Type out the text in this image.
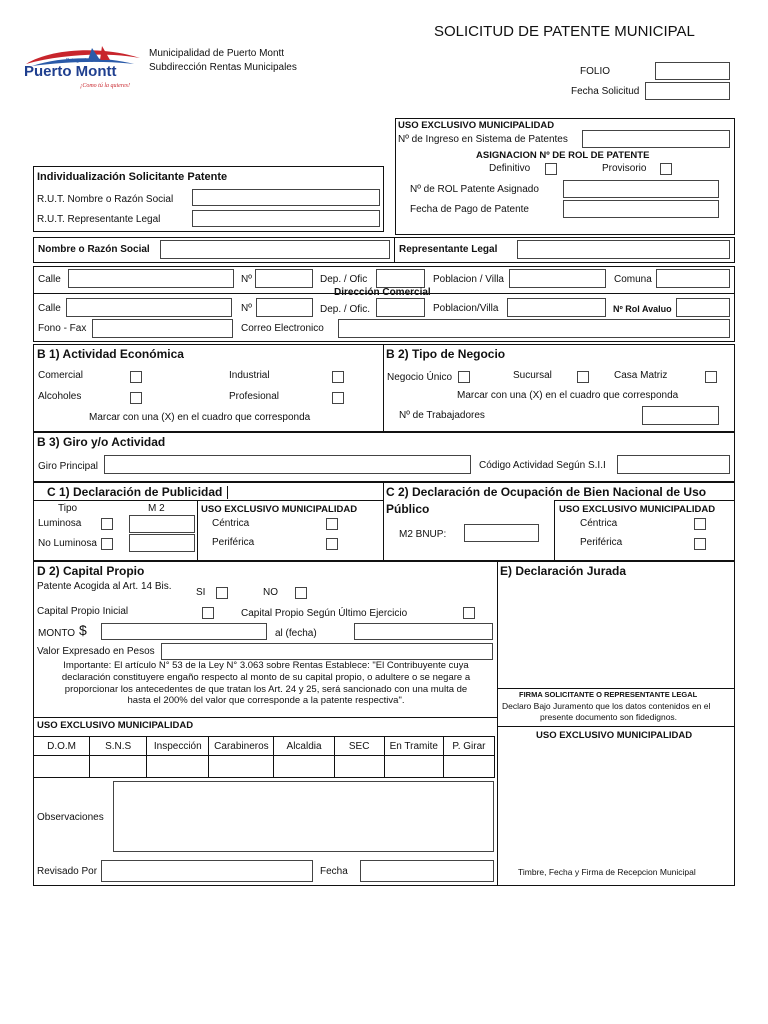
Patagonia Chile
Puerto Montt
¡Como tú la quieres!
Municipalidad de Puerto Montt
Subdirección Rentas Municipales
SOLICITUD DE PATENTE MUNICIPAL
FOLIO
Fecha Solicitud
USO EXCLUSIVO MUNICIPALIDAD
Nº de Ingreso en Sistema de Patentes
ASIGNACION Nº DE ROL DE PATENTE
Definitivo	Provisorio
Nº de ROL Patente Asignado
Fecha de Pago de Patente
Individualización Solicitante Patente
R.U.T. Nombre o Razón Social
R.U.T. Representante Legal
Nombre o Razón Social	Representante Legal
Calle	Nº	Dep. / Ofic	Poblacion / Villa	Comuna
Dirección Comercial
Calle	Nº	Dep. / Ofic.	Poblacion/Villa	Nº Rol Avaluo
Fono - Fax	Correo Electronico
B 1) Actividad Económica
Comercial	Industrial
Alcoholes	Profesional
Marcar con una (X) en el cuadro que corresponda
B 2) Tipo de Negocio
Negocio Único	Sucursal	Casa Matriz
Marcar con una (X) en el cuadro que corresponda
Nº de Trabajadores
B 3) Giro y/o Actividad
Giro Principal	Código Actividad Según S.I.I
C 1) Declaración de Publicidad
Tipo	M 2	USO EXCLUSIVO MUNICIPALIDAD
Luminosa
No Luminosa
Céntrica
Periférica
C 2) Declaración de Ocupación de Bien Nacional de Uso
Público
M2 BNUP:
USO EXCLUSIVO MUNICIPALIDAD
Céntrica
Periférica
D 2) Capital Propio
Patente Acogida al Art. 14 Bis.
SI	NO
Capital Propio Inicial	Capital Propio Según Último Ejercicio
MONTO $	al (fecha)
Valor Expresado en Pesos
Importante: El artículo N° 53 de la Ley N° 3.063 sobre Rentas Establece: "El Contribuyente cuya
declaración constituyere engaño respecto al monto de su capital propio, o adultere o se negare a
proporcionar los antecedentes de que tratan los Art. 24 y 25, será sancionado con una multa de
hasta el 200% del valor que corresponde a la patente respectiva".
E) Declaración Jurada
FIRMA SOLICITANTE O REPRESENTANTE LEGAL
Declaro Bajo Juramento que los datos contenidos en el
presente documento son fidedignos.
USO EXCLUSIVO MUNICIPALIDAD
Timbre, Fecha y Firma de Recepcion Municipal
USO EXCLUSIVO MUNICIPALIDAD
D.O.M	S.N.S	Inspección	Carabineros	Alcaldia	SEC	En Tramite	P. Girar

Observaciones
Revisado Por	Fecha
